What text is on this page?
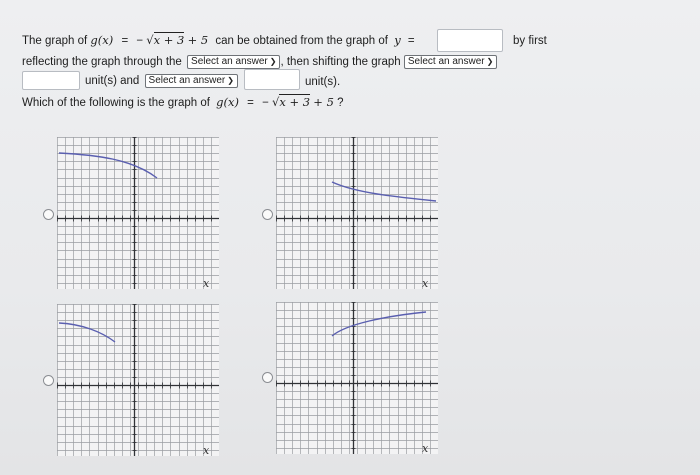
The graph of g(x) = − √x + 3 + 5 can be obtained from the graph of y =	by first
reflecting the graph through the Select an answer ❯ , then shifting the graph Select an answer ❯
unit(s) and Select an answer ❯	unit(s).
Which of the following is the graph of g(x) = − √x + 3 + 5 ?
x	x
x	x
